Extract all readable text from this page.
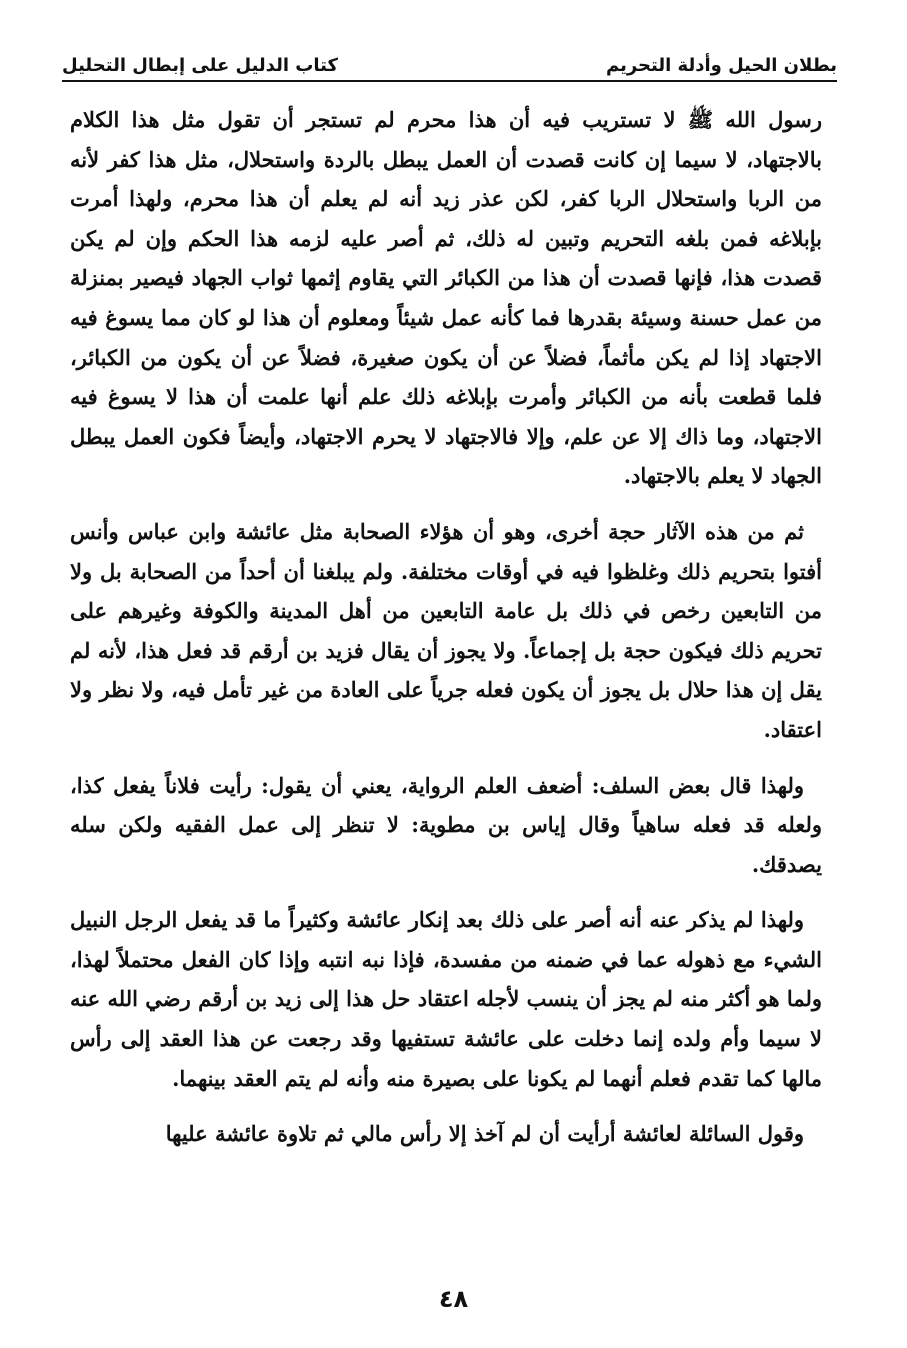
بطلان الحيل وأدلة التحريم
كتاب الدليل على إبطال التحليل

رسول الله ﷺ لا تستريب فيه أن هذا محرم لم تستجر أن تقول مثل هذا الكلام بالاجتهاد، لا سيما إن كانت قصدت أن العمل يبطل بالردة واستحلال، مثل هذا كفر لأنه من الربا واستحلال الربا كفر، لكن عذر زيد أنه لم يعلم أن هذا محرم، ولهذا أمرت بإبلاغه فمن بلغه التحريم وتبين له ذلك، ثم أصر عليه لزمه هذا الحكم وإن لم يكن قصدت هذا، فإنها قصدت أن هذا من الكبائر التي يقاوم إثمها ثواب الجهاد فيصير بمنزلة من عمل حسنة وسيئة بقدرها فما كأنه عمل شيئاً ومعلوم أن هذا لو كان مما يسوغ فيه الاجتهاد إذا لم يكن مأثماً، فضلاً عن أن يكون صغيرة، فضلاً عن أن يكون من الكبائر، فلما قطعت بأنه من الكبائر وأمرت بإبلاغه ذلك علم أنها علمت أن هذا لا يسوغ فيه الاجتهاد، وما ذاك إلا عن علم، وإلا فالاجتهاد لا يحرم الاجتهاد، وأيضاً فكون العمل يبطل الجهاد لا يعلم بالاجتهاد.

ثم من هذه الآثار حجة أخرى، وهو أن هؤلاء الصحابة مثل عائشة وابن عباس وأنس أفتوا بتحريم ذلك وغلظوا فيه في أوقات مختلفة. ولم يبلغنا أن أحداً من الصحابة بل ولا من التابعين رخص في ذلك بل عامة التابعين من أهل المدينة والكوفة وغيرهم على تحريم ذلك فيكون حجة بل إجماعاً. ولا يجوز أن يقال فزيد بن أرقم قد فعل هذا، لأنه لم يقل إن هذا حلال بل يجوز أن يكون فعله جرياً على العادة من غير تأمل فيه، ولا نظر ولا اعتقاد.

ولهذا قال بعض السلف: أضعف العلم الرواية، يعني أن يقول: رأيت فلاناً يفعل كذا، ولعله قد فعله ساهياً وقال إياس بن مطوية: لا تنظر إلى عمل الفقيه ولكن سله يصدقك.

ولهذا لم يذكر عنه أنه أصر على ذلك بعد إنكار عائشة وكثيراً ما قد يفعل الرجل النبيل الشيء مع ذهوله عما في ضمنه من مفسدة، فإذا نبه انتبه وإذا كان الفعل محتملاً لهذا، ولما هو أكثر منه لم يجز أن ينسب لأجله اعتقاد حل هذا إلى زيد بن أرقم رضي الله عنه لا سيما وأم ولده إنما دخلت على عائشة تستفيها وقد رجعت عن هذا العقد إلى رأس مالها كما تقدم فعلم أنهما لم يكونا على بصيرة منه وأنه لم يتم العقد بينهما.

وقول السائلة لعائشة أرأيت أن لم آخذ إلا رأس مالي ثم تلاوة عائشة عليها

٤٨
